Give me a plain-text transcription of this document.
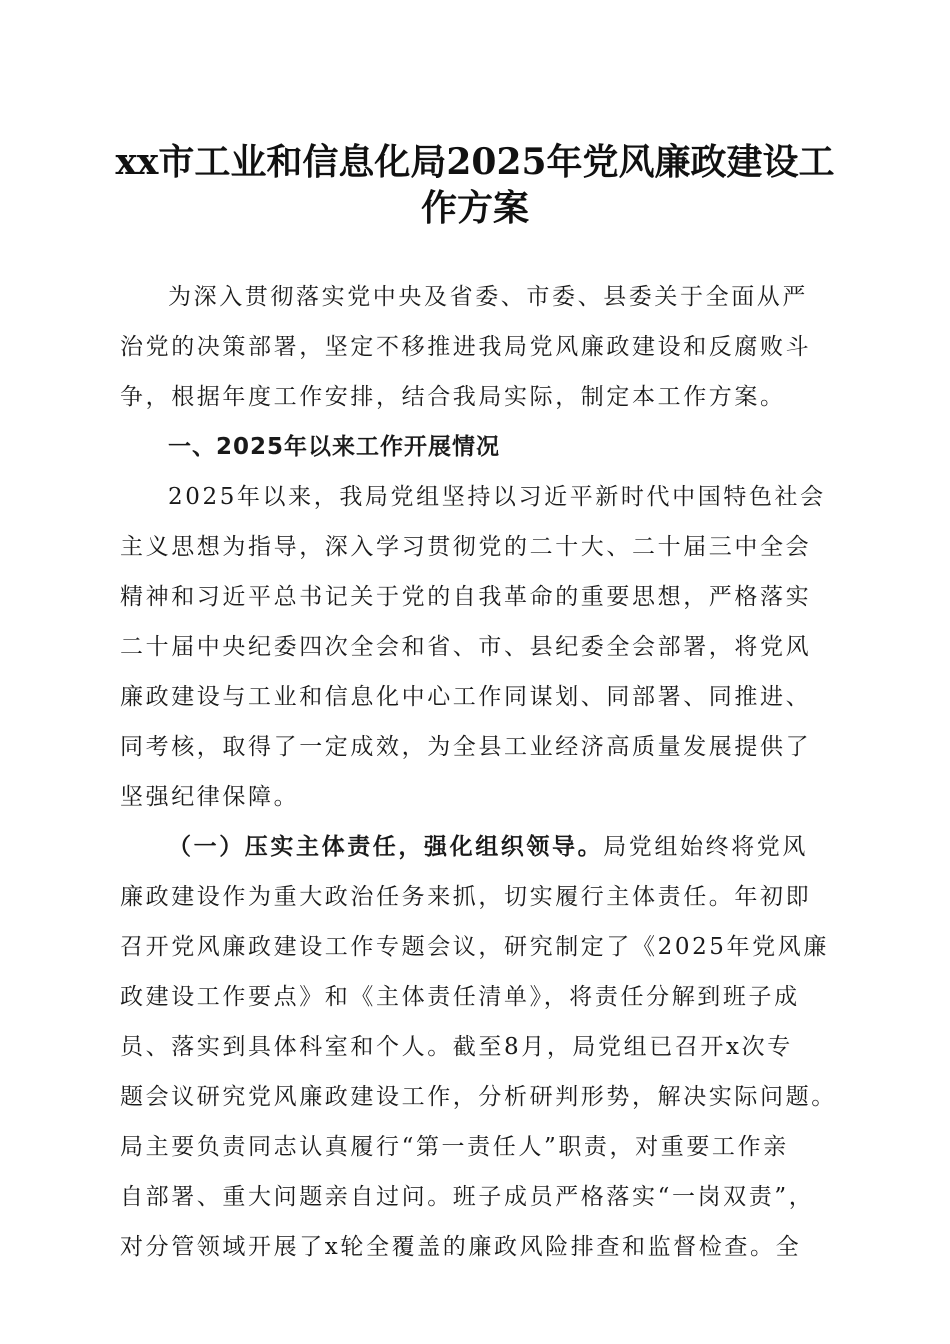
xx市工业和信息化局2025年党风廉政建设工
作方案
为深入贯彻落实党中央及省委、市委、县委关于全面从严
治党的决策部署，坚定不移推进我局党风廉政建设和反腐败斗
争，根据年度工作安排，结合我局实际，制定本工作方案。
一、2025年以来工作开展情况
2025年以来，我局党组坚持以习近平新时代中国特色社会
主义思想为指导，深入学习贯彻党的二十大、二十届三中全会
精神和习近平总书记关于党的自我革命的重要思想，严格落实
二十届中央纪委四次全会和省、市、县纪委全会部署，将党风
廉政建设与工业和信息化中心工作同谋划、同部署、同推进、
同考核，取得了一定成效，为全县工业经济高质量发展提供了
坚强纪律保障。
（一）压实主体责任，强化组织领导。局党组始终将党风
廉政建设作为重大政治任务来抓，切实履行主体责任。年初即
召开党风廉政建设工作专题会议，研究制定了《2025年党风廉
政建设工作要点》和《主体责任清单》，将责任分解到班子成
员、落实到具体科室和个人。截至8月，局党组已召开x次专
题会议研究党风廉政建设工作，分析研判形势，解决实际问题。
局主要负责同志认真履行“第一责任人”职责，对重要工作亲
自部署、重大问题亲自过问。班子成员严格落实“一岗双责”，
对分管领域开展了x轮全覆盖的廉政风险排查和监督检查。全
